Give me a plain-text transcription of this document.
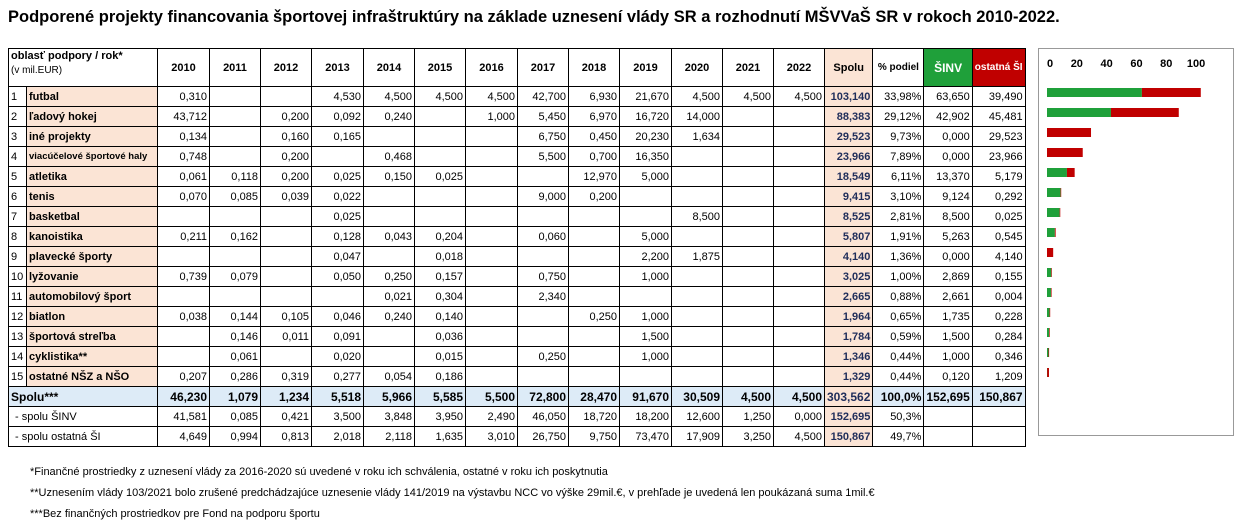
Podporené projekty financovania športovej infraštruktúry na základe uznesení vlády SR a rozhodnutí MŠVVaŠ SR v rokoch 2010-2022.
oblasť podpory / rok*
(v mil.EUR)		2010	2011	2012	2013	2014	2015	2016	2017	2018	2019	2020	2021	2022	Spolu	% podiel	ŠINV	ostatná ŠI
1	futbal	0,310			4,530	4,500	4,500	4,500	42,700	6,930	21,670	4,500	4,500	4,500	103,140	33,98%	63,650	39,490
2	ľadový hokej	43,712		0,200	0,092	0,240		1,000	5,450	6,970	16,720	14,000			88,383	29,12%	42,902	45,481
3	iné projekty	0,134		0,160	0,165				6,750	0,450	20,230	1,634			29,523	9,73%	0,000	29,523
4	viacúčelové športové haly	0,748		0,200		0,468			5,500	0,700	16,350				23,966	7,89%	0,000	23,966
5	atletika	0,061	0,118	0,200	0,025	0,150	0,025			12,970	5,000				18,549	6,11%	13,370	5,179
6	tenis	0,070	0,085	0,039	0,022				9,000	0,200					9,415	3,10%	9,124	0,292
7	basketbal				0,025							8,500			8,525	2,81%	8,500	0,025
8	kanoistika	0,211	0,162		0,128	0,043	0,204		0,060		5,000				5,807	1,91%	5,263	0,545
9	plavecké športy				0,047		0,018				2,200	1,875			4,140	1,36%	0,000	4,140
10	lyžovanie	0,739	0,079		0,050	0,250	0,157		0,750		1,000				3,025	1,00%	2,869	0,155
11	automobilový šport					0,021	0,304		2,340						2,665	0,88%	2,661	0,004
12	biatlon	0,038	0,144	0,105	0,046	0,240	0,140			0,250	1,000				1,964	0,65%	1,735	0,228
13	športová streľba		0,146	0,011	0,091		0,036				1,500				1,784	0,59%	1,500	0,284
14	cyklistika**		0,061		0,020		0,015		0,250		1,000				1,346	0,44%	1,000	0,346
15	ostatné NŠZ a NŠO	0,207	0,286	0,319	0,277	0,054	0,186								1,329	0,44%	0,120	1,209
Spolu***		46,230	1,079	1,234	5,518	5,966	5,585	5,500	72,800	28,470	91,670	30,509	4,500	4,500	303,562	100,0%	152,695	150,867
- spolu ŠINV		41,581	0,085	0,421	3,500	3,848	3,950	2,490	46,050	18,720	18,200	12,600	1,250	0,000	152,695	50,3%		
- spolu ostatná ŠI		4,649	0,994	0,813	2,018	2,118	1,635	3,010	26,750	9,750	73,470	17,909	3,250	4,500	150,867	49,7%		
0 20 40 60 80 100
*Finančné prostriedky z uznesení vlády za 2016-2020 sú uvedené v roku ich schválenia, ostatné v roku ich poskytnutia
**Uznesením vlády 103/2021 bolo zrušené predchádzajúce uznesenie vlády 141/2019 na výstavbu NCC vo výške 29mil.€, v prehľade je uvedená len poukázaná suma 1mil.€
***Bez finančných prostriedkov pre Fond na podporu športu
